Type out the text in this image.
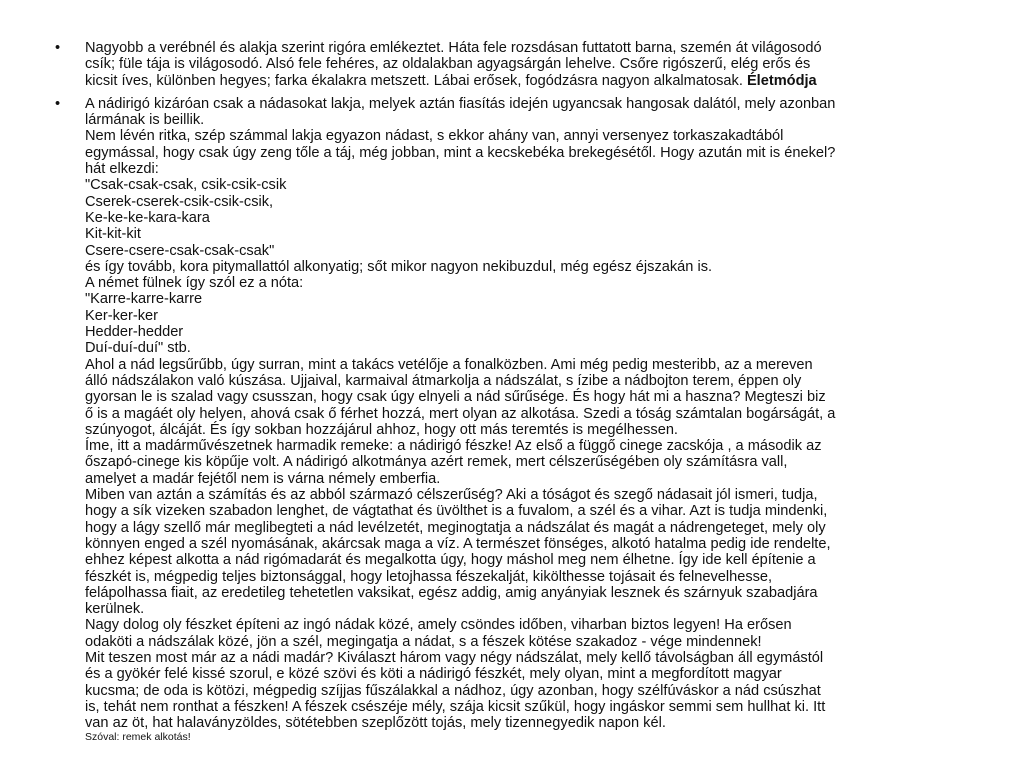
• Nagyobb a verébnél és alakja szerint rigóra emlékeztet. Háta fele rozsdásan futtatott barna, szemén át világosodó
csík; füle tája is világosodó. Alsó fele fehéres, az oldalakban agyagsárgán lehelve. Csőre rigószerű, elég erős és
kicsit íves, különben hegyes; farka ékalakra metszett. Lábai erősek, fogódzásra nagyon alkalmatosak. Életmódja
• A nádirigó kizáróan csak a nádasokat lakja, melyek aztán fiasítás idején ugyancsak hangosak dalától, mely azonban
lármának is beillik.
Nem lévén ritka, szép számmal lakja egyazon nádast, s ekkor ahány van, annyi versenyez torkaszakadtából
egymással, hogy csak úgy zeng tőle a táj, még jobban, mint a kecskebéka brekegésétől. Hogy azután mit is énekel?
hát elkezdi:
"Csak-csak-csak, csik-csik-csik
Cserek-cserek-csik-csik-csik,
Ke-ke-ke-kara-kara
Kit-kit-kit
Csere-csere-csak-csak-csak"
és így tovább, kora pitymallattól alkonyatig; sőt mikor nagyon nekibuzdul, még egész éjszakán is.
A német fülnek így szól ez a nóta:
"Karre-karre-karre
Ker-ker-ker
Hedder-hedder
Duí-duí-duí" stb.
Ahol a nád legsűrűbb, úgy surran, mint a takács vetélője a fonalközben. Ami még pedig mesteribb, az a mereven
álló nádszálakon való kúszása. Ujjaival, karmaival átmarkolja a nádszálat, s ízibe a nádbojton terem, éppen oly
gyorsan le is szalad vagy csusszan, hogy csak úgy elnyeli a nád sűrűsége. És hogy hát mi a haszna? Megteszi biz
ő is a magáét oly helyen, ahová csak ő férhet hozzá, mert olyan az alkotása. Szedi a tóság számtalan bogárságát, a
szúnyogot, álcáját. És így sokban hozzájárul ahhoz, hogy ott más teremtés is megélhessen.
Íme, itt a madárművészetnek harmadik remeke: a nádirigó fészke! Az első a függő cinege zacskója , a második az
őszapó-cinege kis köpűje volt. A nádirigó alkotmánya azért remek, mert célszerűségében oly számításra vall,
amelyet a madár fejétől nem is várna némely emberfia.
Miben van aztán a számítás és az abból származó célszerűség? Aki a tóságot és szegő nádasait jól ismeri, tudja,
hogy a sík vizeken szabadon lenghet, de vágtathat és üvölthet is a fuvalom, a szél és a vihar. Azt is tudja mindenki,
hogy a lágy szellő már meglibegteti a nád levélzetét, meginogtatja a nádszálat és magát a nádrengeteget, mely oly
könnyen enged a szél nyomásának, akárcsak maga a víz. A természet fönséges, alkotó hatalma pedig ide rendelte,
ehhez képest alkotta a nád rigómadarát és megalkotta úgy, hogy máshol meg nem élhetne. Így ide kell építenie a
fészkét is, mégpedig teljes biztonsággal, hogy letojhassa fészekalját, kikölthesse tojásait és felnevelhesse,
felápolhassa fiait, az eredetileg tehetetlen vaksikat, egész addig, amig anyányiak lesznek és szárnyuk szabadjára
kerülnek.
Nagy dolog oly fészket építeni az ingó nádak közé, amely csöndes időben, viharban biztos legyen! Ha erősen
odaköti a nádszálak közé, jön a szél, megingatja a nádat, s a fészek kötése szakadoz - vége mindennek!
Mit teszen most már az a nádi madár? Kiválaszt három vagy négy nádszálat, mely kellő távolságban áll egymástól
és a gyökér felé kissé szorul, e közé szövi és köti a nádirigó fészkét, mely olyan, mint a megfordított magyar
kucsma; de oda is kötözi, mégpedig szíjjas fűszálakkal a nádhoz, úgy azonban, hogy szélfúváskor a nád csúszhat
is, tehát nem ronthat a fészken! A fészek csészéje mély, szája kicsit szűkül, hogy ingáskor semmi sem hullhat ki. Itt
van az öt, hat halaványzöldes, sötétebben szeplőzött tojás, mely tizennegyedik napon kél.
Szóval: remek alkotás!
